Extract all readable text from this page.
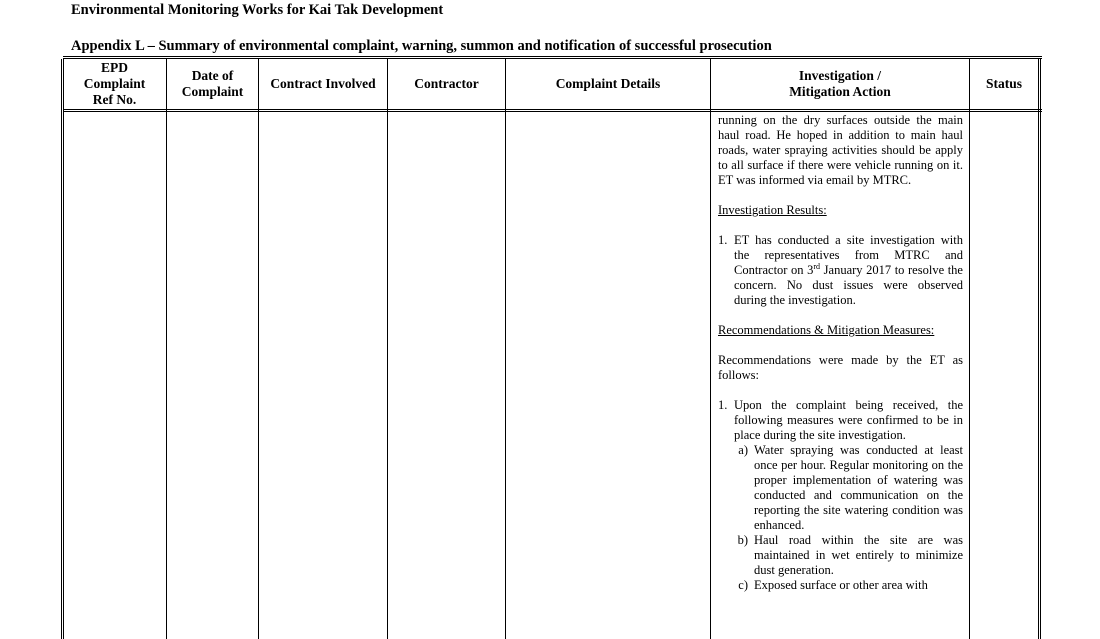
Environmental Monitoring Works for Kai Tak Development
Appendix L – Summary of environmental complaint, warning, summon and notification of successful prosecution
EPD
Complaint
Ref No.
Date of
Complaint
Contract Involved	Contractor	Complaint Details
Investigation /
Mitigation Action
Status

running on the dry surfaces outside the main haul road. He hoped in addition to main haul roads, water spraying activities should be apply to all surface if there were vehicle running on it. ET was informed via email by MTRC.

Investigation Results:
1. ET has conducted a site investigation with the representatives from MTRC and Contractor on 3rd January 2017 to resolve the concern. No dust issues were observed during the investigation.
Recommendations & Mitigation Measures:

Recommendations were made by the ET as follows:

1. Upon the complaint being received, the following measures were confirmed to be in place during the site investigation.
a) Water spraying was conducted at least once per hour. Regular monitoring on the proper implementation of watering was conducted and communication on the reporting the site watering condition was enhanced.
b) Haul road within the site are was maintained in wet entirely to minimize dust generation.
c) Exposed surface or other area with
